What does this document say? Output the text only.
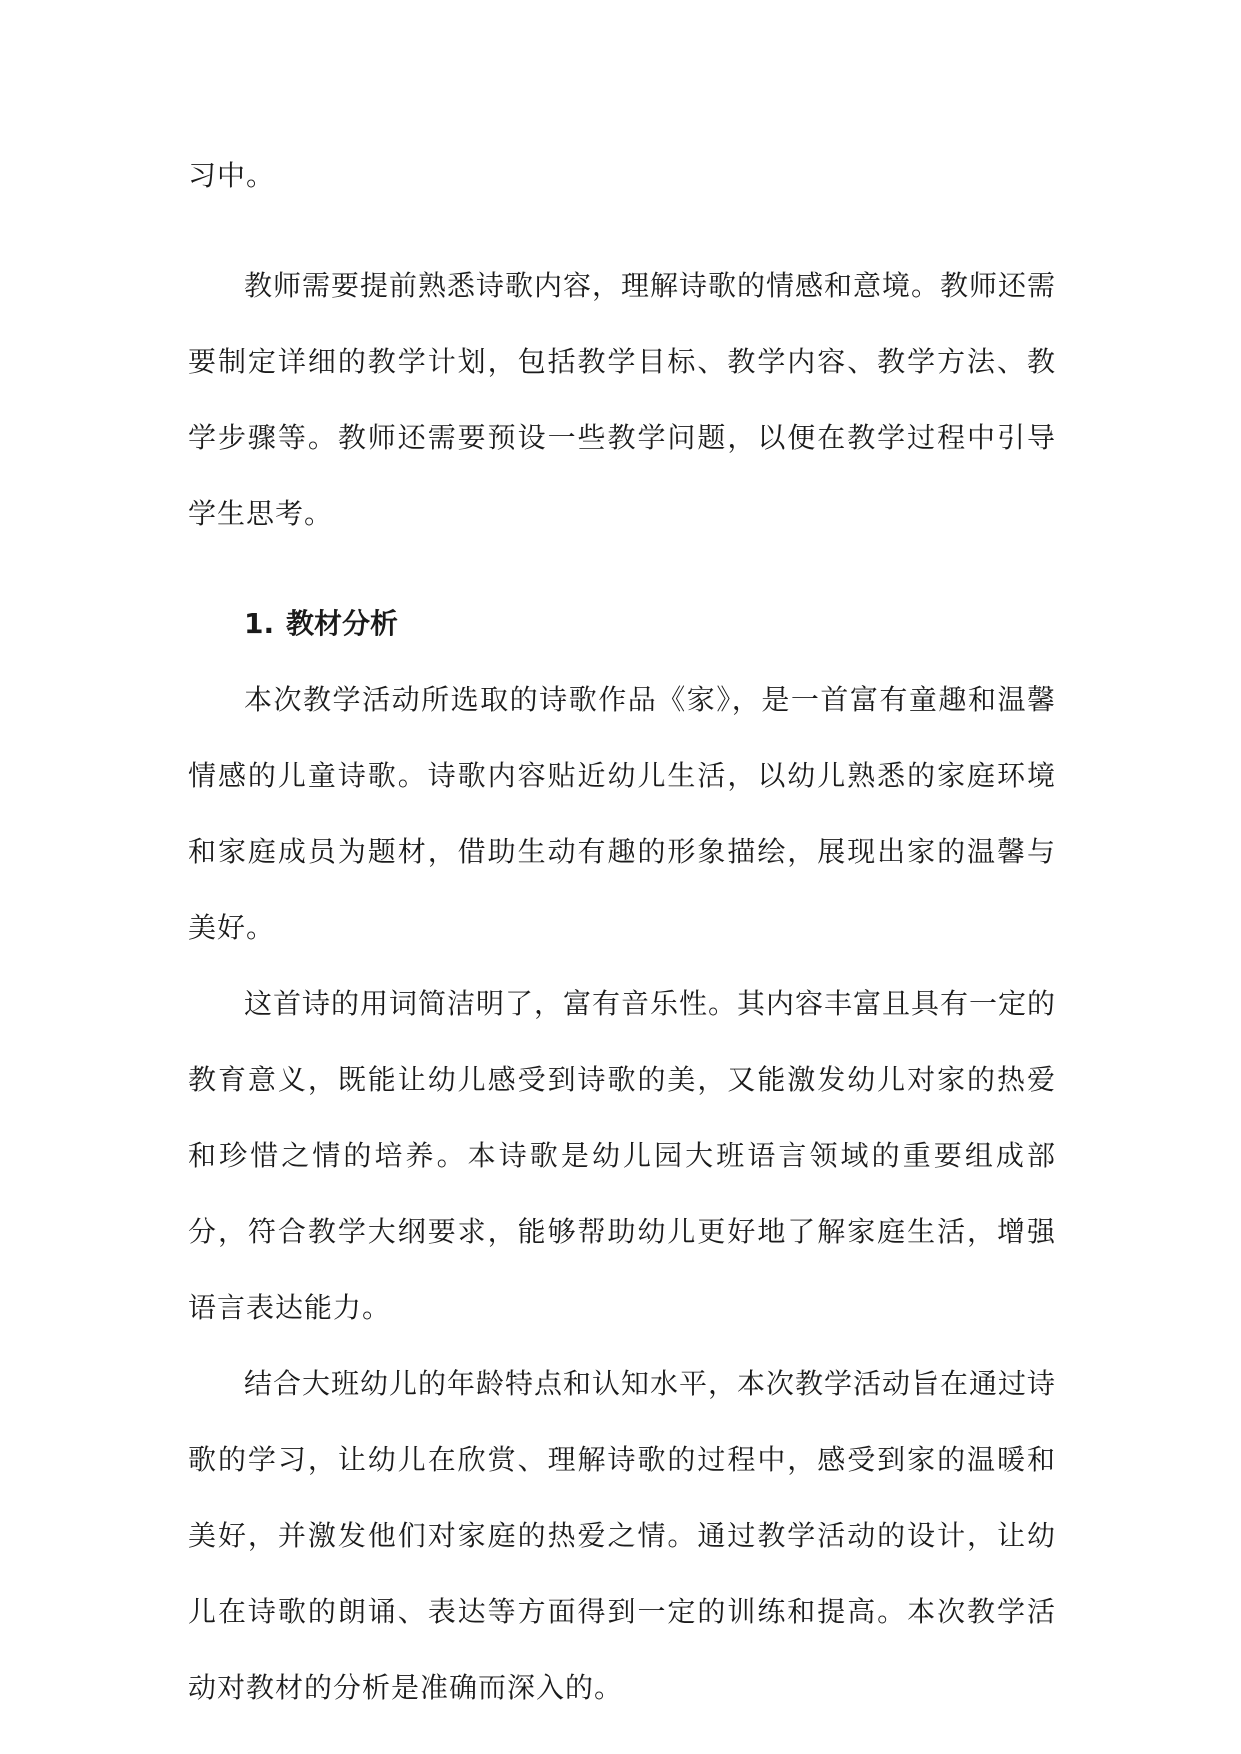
习中。

教师需要提前熟悉诗歌内容，理解诗歌的情感和意境。教师还需要制定详细的教学计划，包括教学目标、教学内容、教学方法、教学步骤等。教师还需要预设一些教学问题，以便在教学过程中引导学生思考。

1. 教材分析

本次教学活动所选取的诗歌作品《家》，是一首富有童趣和温馨情感的儿童诗歌。诗歌内容贴近幼儿生活，以幼儿熟悉的家庭环境和家庭成员为题材，借助生动有趣的形象描绘，展现出家的温馨与美好。

这首诗的用词简洁明了，富有音乐性。其内容丰富且具有一定的教育意义，既能让幼儿感受到诗歌的美，又能激发幼儿对家的热爱和珍惜之情的培养。本诗歌是幼儿园大班语言领域的重要组成部分，符合教学大纲要求，能够帮助幼儿更好地了解家庭生活，增强语言表达能力。

结合大班幼儿的年龄特点和认知水平，本次教学活动旨在通过诗歌的学习，让幼儿在欣赏、理解诗歌的过程中，感受到家的温暖和美好，并激发他们对家庭的热爱之情。通过教学活动的设计，让幼儿在诗歌的朗诵、表达等方面得到一定的训练和提高。本次教学活动对教材的分析是准确而深入的。
